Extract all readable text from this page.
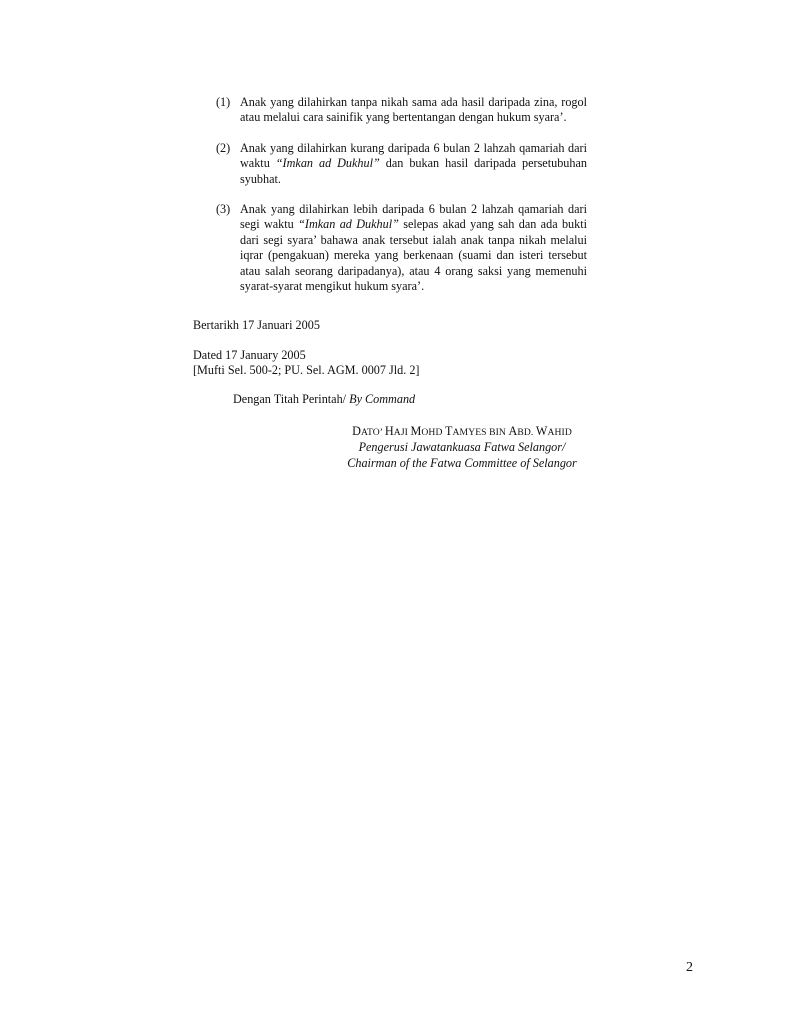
(1) Anak yang dilahirkan tanpa nikah sama ada hasil daripada zina, rogol atau melalui cara sainifik yang bertentangan dengan hukum syara’.
(2) Anak yang dilahirkan kurang daripada 6 bulan 2 lahzah qamariah dari waktu “Imkan ad Dukhul” dan bukan hasil daripada persetubuhan syubhat.
(3) Anak yang dilahirkan lebih daripada 6 bulan 2 lahzah qamariah dari segi waktu “Imkan ad Dukhul” selepas akad yang sah dan ada bukti dari segi syara’ bahawa anak tersebut ialah anak tanpa nikah melalui iqrar (pengakuan) mereka yang berkenaan (suami dan isteri tersebut atau salah seorang daripadanya), atau 4 orang saksi yang memenuhi syarat-syarat mengikut hukum syara’.
Bertarikh 17 Januari 2005
Dated 17 January 2005
[Mufti Sel. 500-2; PU. Sel. AGM. 0007 Jld. 2]
Dengan Titah Perintah/ By Command
DATO’ HAJI MOHD TAMYES BIN ABD. WAHID
Pengerusi Jawatankuasa Fatwa Selangor/
Chairman of the Fatwa Committee of Selangor
2
